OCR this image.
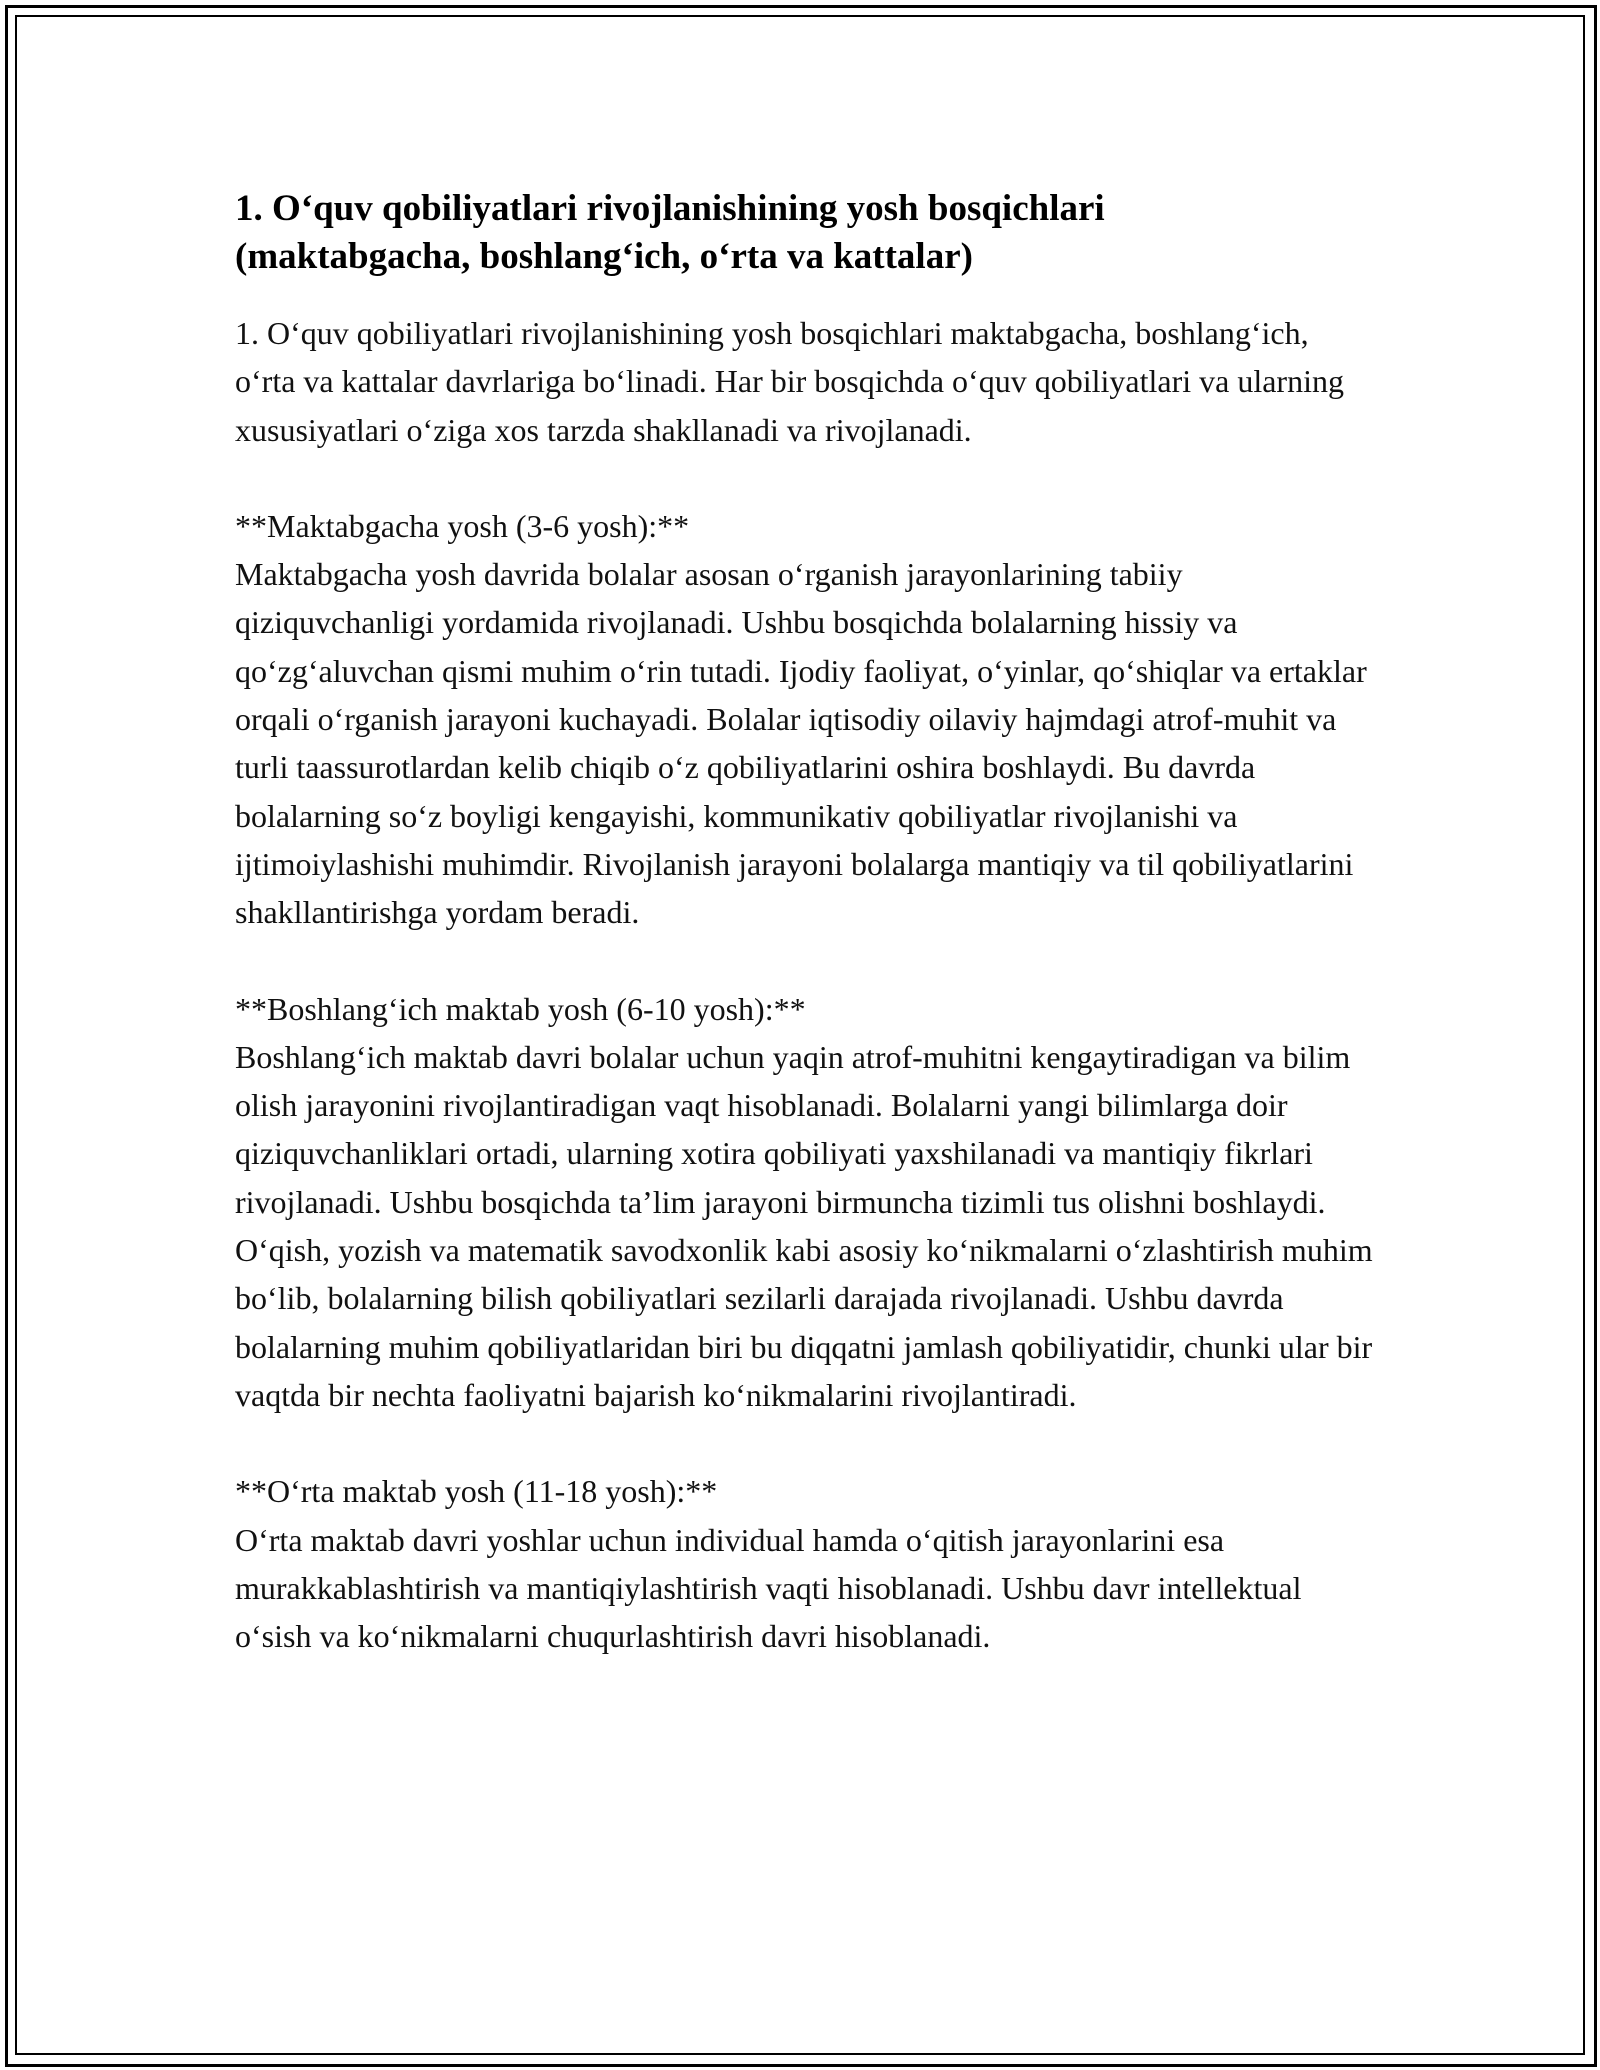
1. O‘quv qobiliyatlari rivojlanishining yosh bosqichlari
(maktabgacha, boshlang‘ich, o‘rta va kattalar)

1. O‘quv qobiliyatlari rivojlanishining yosh bosqichlari maktabgacha, boshlang‘ich, o‘rta va kattalar davrlariga bo‘linadi. Har bir bosqichda o‘quv qobiliyatlari va ularning xususiyatlari o‘ziga xos tarzda shakllanadi va rivojlanadi.

**Maktabgacha yosh (3-6 yosh):**
Maktabgacha yosh davrida bolalar asosan o‘rganish jarayonlarining tabiiy qiziquvchanligi yordamida rivojlanadi. Ushbu bosqichda bolalarning hissiy va qo‘zg‘aluvchan qismi muhim o‘rin tutadi. Ijodiy faoliyat, o‘yinlar, qo‘shiqlar va ertaklar orqali o‘rganish jarayoni kuchayadi. Bolalar iqtisodiy oilaviy hajmdagi atrof-muhit va turli taassurotlardan kelib chiqib o‘z qobiliyatlarini oshira boshlaydi. Bu davrda bolalarning so‘z boyligi kengayishi, kommunikativ qobiliyatlar rivojlanishi va ijtimoiylashishi muhimdir. Rivojlanish jarayoni bolalarga mantiqiy va til qobiliyatlarini shakllantirishga yordam beradi.

**Boshlang‘ich maktab yosh (6-10 yosh):**
Boshlang‘ich maktab davri bolalar uchun yaqin atrof-muhitni kengaytiradigan va bilim olish jarayonini rivojlantiradigan vaqt hisoblanadi. Bolalarni yangi bilimlarga doir qiziquvchanliklari ortadi, ularning xotira qobiliyati yaxshilanadi va mantiqiy fikrlari rivojlanadi. Ushbu bosqichda ta’lim jarayoni birmuncha tizimli tus olishni boshlaydi. O‘qish, yozish va matematik savodxonlik kabi asosiy ko‘nikmalarni o‘zlashtirish muhim bo‘lib, bolalarning bilish qobiliyatlari sezilarli darajada rivojlanadi. Ushbu davrda bolalarning muhim qobiliyatlaridan biri bu diqqatni jamlash qobiliyatidir, chunki ular bir vaqtda bir nechta faoliyatni bajarish ko‘nikmalarini rivojlantiradi.

**O‘rta maktab yosh (11-18 yosh):**
O‘rta maktab davri yoshlar uchun individual hamda o‘qitish jarayonlarini esa murakkablashtirish va mantiqiylashtirish vaqti hisoblanadi. Ushbu davr intellektual o‘sish va ko‘nikmalarni chuqurlashtirish davri hisoblanadi.
